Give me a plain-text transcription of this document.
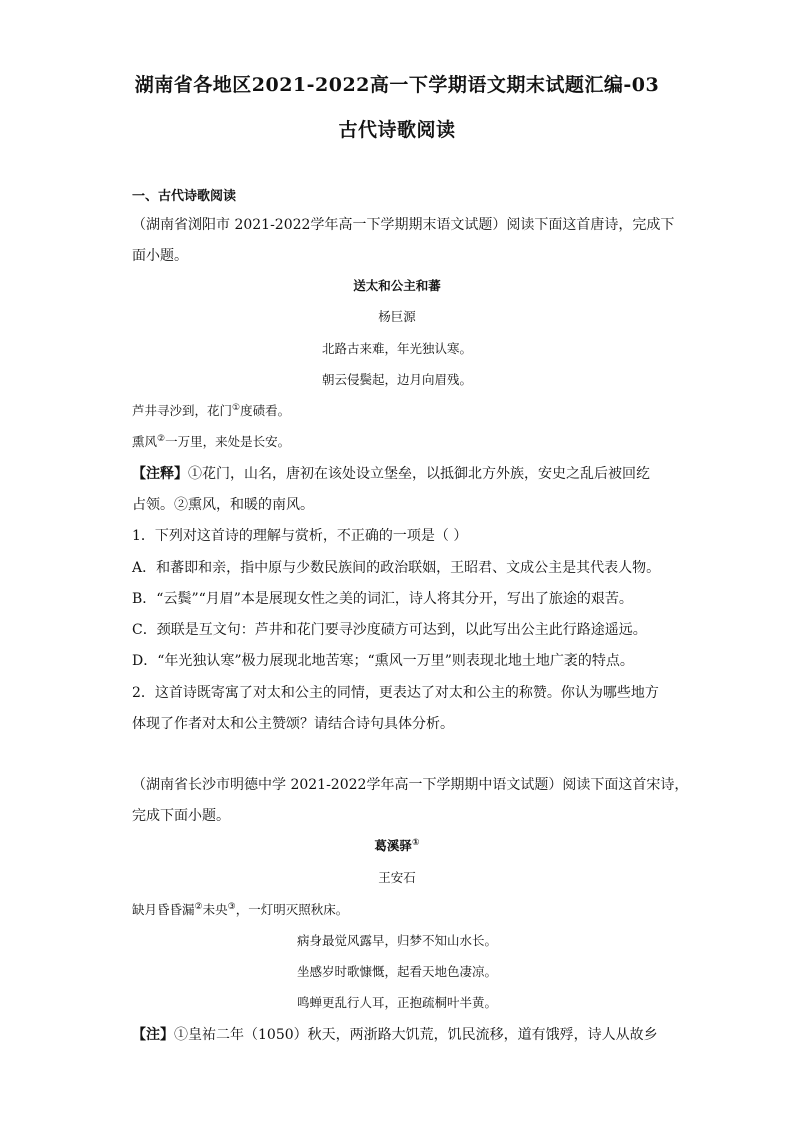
湖南省各地区2021-2022高一下学期语文期末试题汇编-03
古代诗歌阅读
一、古代诗歌阅读
（湖南省浏阳市 2021-2022学年高一下学期期末语文试题）阅读下面这首唐诗，完成下
面小题。
送太和公主和蕃
杨巨源
北路古来难，年光独认寒。
朝云侵鬓起，边月向眉残。
芦井寻沙到，花门①度碛看。
熏风②一万里，来处是长安。
【注释】①花门，山名，唐初在该处设立堡垒，以抵御北方外族，安史之乱后被回纥
占领。②熏风，和暖的南风。
1．下列对这首诗的理解与赏析，不正确的一项是（ ）
A．和蕃即和亲，指中原与少数民族间的政治联姻，王昭君、文成公主是其代表人物。
B．“云鬓”“月眉”本是展现女性之美的词汇，诗人将其分开，写出了旅途的艰苦。
C．颈联是互文句：芦井和花门要寻沙度碛方可达到，以此写出公主此行路途遥远。
D．“年光独认寒”极力展现北地苦寒；“熏风一万里”则表现北地土地广袤的特点。
2．这首诗既寄寓了对太和公主的同情，更表达了对太和公主的称赞。你认为哪些地方
体现了作者对太和公主赞颂？请结合诗句具体分析。
（湖南省长沙市明德中学 2021-2022学年高一下学期期中语文试题）阅读下面这首宋诗，
完成下面小题。
葛溪驿①
王安石
缺月昏昏漏②未央③，一灯明灭照秋床。
病身最觉风露早，归梦不知山水长。
坐感岁时歌慷慨，起看天地色凄凉。
鸣蝉更乱行人耳，正抱疏桐叶半黄。
【注】①皇祐二年（1050）秋天，两浙路大饥荒，饥民流移，道有饿殍，诗人从故乡
